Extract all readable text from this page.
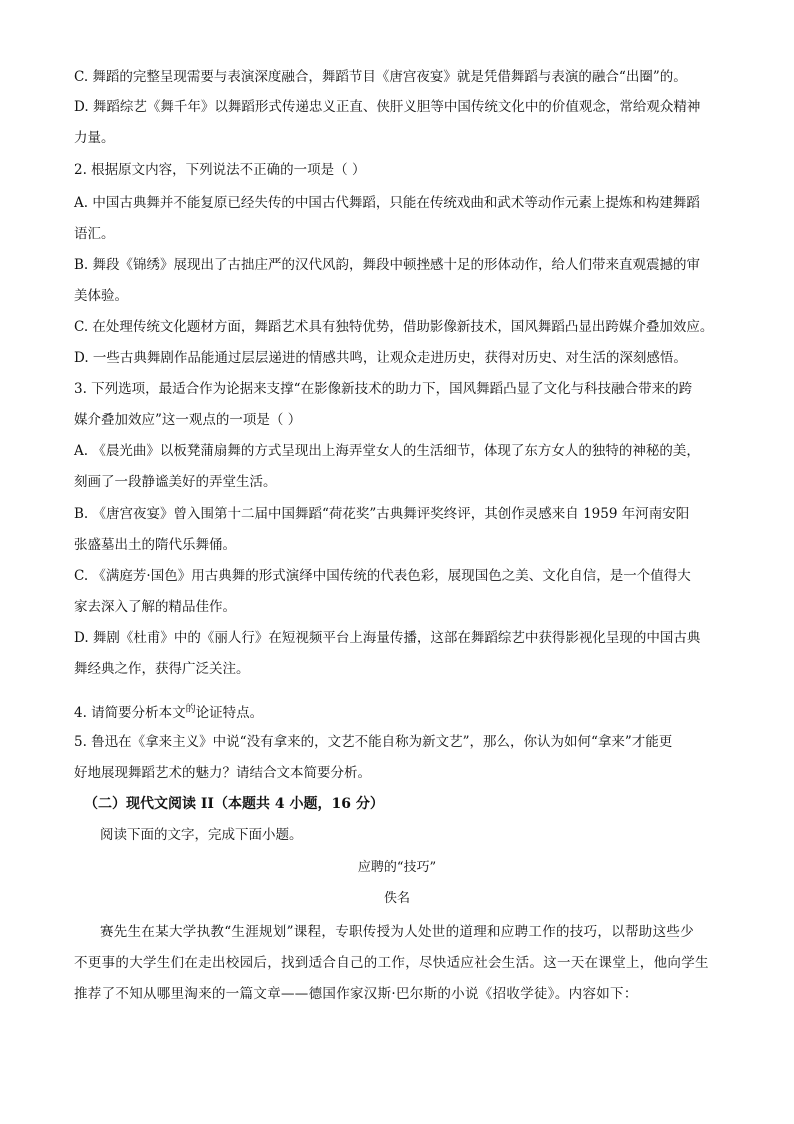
C. 舞蹈的完整呈现需要与表演深度融合，舞蹈节目《唐宫夜宴》就是凭借舞蹈与表演的融合“出圈”的。

D. 舞蹈综艺《舞千年》以舞蹈形式传递忠义正直、侠肝义胆等中国传统文化中的价值观念，常给观众精神

力量。

2. 根据原文内容，下列说法不正确的一项是（ ）

A. 中国古典舞并不能复原已经失传的中国古代舞蹈，只能在传统戏曲和武术等动作元素上提炼和构建舞蹈

语汇。

B. 舞段《锦绣》展现出了古拙庄严的汉代风韵，舞段中顿挫感十足的形体动作，给人们带来直观震撼的审

美体验。

C. 在处理传统文化题材方面，舞蹈艺术具有独特优势，借助影像新技术，国风舞蹈凸显出跨媒介叠加效应。

D. 一些古典舞剧作品能通过层层递进的情感共鸣，让观众走进历史，获得对历史、对生活的深刻感悟。

3. 下列选项，最适合作为论据来支撑“在影像新技术的助力下，国风舞蹈凸显了文化与科技融合带来的跨

媒介叠加效应”这一观点的一项是（ ）

A. 《晨光曲》以板凳蒲扇舞的方式呈现出上海弄堂女人的生活细节，体现了东方女人的独特的神秘的美，

刻画了一段静谧美好的弄堂生活。

B. 《唐宫夜宴》曾入围第十二届中国舞蹈“荷花奖”古典舞评奖终评，其创作灵感来自 1959 年河南安阳

张盛墓出土的隋代乐舞俑。

C. 《满庭芳·国色》用古典舞的形式演绎中国传统的代表色彩，展现国色之美、文化自信，是一个值得大

家去深入了解的精品佳作。

D. 舞剧《杜甫》中的《丽人行》在短视频平台上海量传播，这部在舞蹈综艺中获得影视化呈现的中国古典

舞经典之作，获得广泛关注。

4. 请简要分析本文$^的$论证特点。

5. 鲁迅在《拿来主义》中说“没有拿来的，文艺不能自称为新文艺”，那么，你认为如何“拿来”才能更

好地展现舞蹈艺术的魅力？请结合文本简要分析。

（二）现代文阅读 II（本题共 4 小题，16 分）

阅读下面的文字，完成下面小题。

应聘的“技巧”

佚名

赛先生在某大学执教“生涯规划”课程，专职传授为人处世的道理和应聘工作的技巧，以帮助这些少

不更事的大学生们在走出校园后，找到适合自己的工作，尽快适应社会生活。这一天在课堂上，他向学生

推荐了不知从哪里淘来的一篇文章——德国作家汉斯·巴尔斯的小说《招收学徒》。内容如下：
